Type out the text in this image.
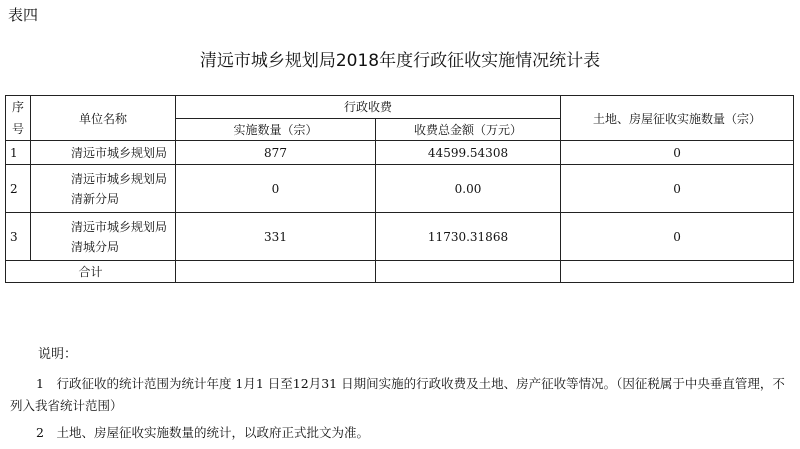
表四
清远市城乡规划局2018年度行政征收实施情况统计表
序号	单位名称	行政收费		土地、房屋征收实施数量（宗）
		实施数量（宗）	收费总金额（万元）	
1	清远市城乡规划局	877	44599.54308	0
2	清远市城乡规划局
清新分局	0	0.00	0
3	清远市城乡规划局
清城分局	331	11730.31868	0
合计				
说明：
1　行政征收的统计范围为统计年度 1月1 日至12月31 日期间实施的行政收费及土地、房产征收等情况。（因征税属于中央垂直管理，不列入我省统计范围）
2　土地、房屋征收实施数量的统计，以政府正式批文为准。
